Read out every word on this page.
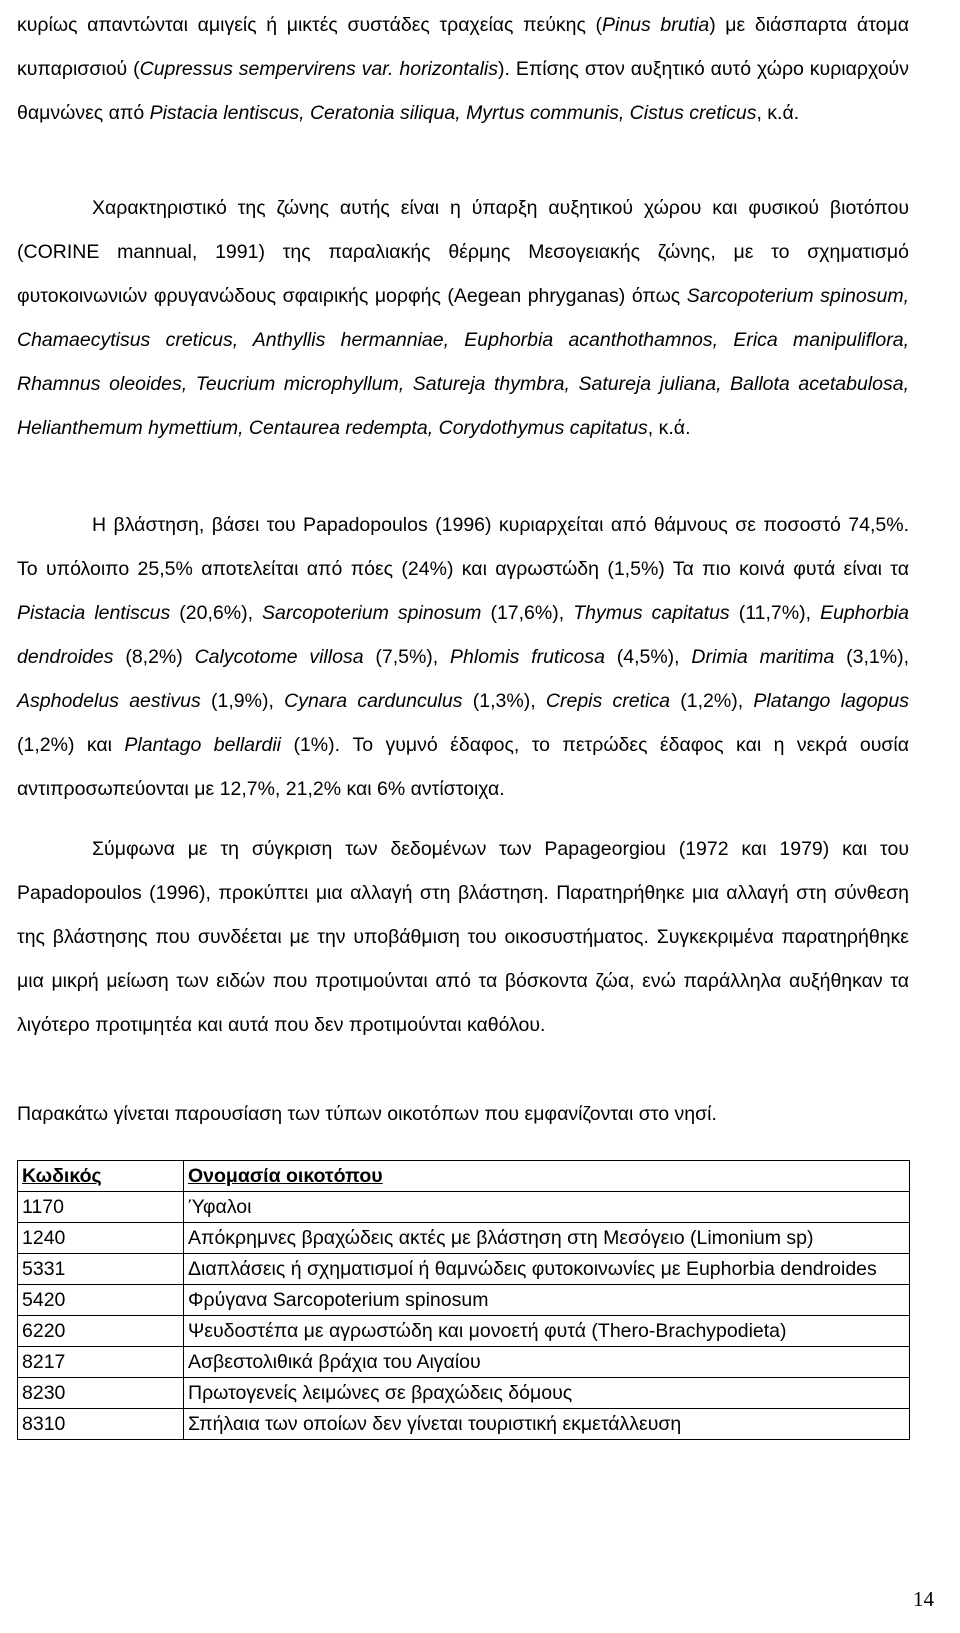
κυρίως απαντώνται αμιγείς ή μικτές συστάδες τραχείας πεύκης (Pinus brutia) με διάσπαρτα άτομα κυπαρισσιού (Cupressus sempervirens var. horizontalis). Επίσης στον αυξητικό αυτό χώρο κυριαρχούν θαμνώνες από Pistacia lentiscus, Ceratonia siliqua, Myrtus communis, Cistus creticus, κ.ά.

Χαρακτηριστικό της ζώνης αυτής είναι η ύπαρξη αυξητικού χώρου και φυσικού βιοτόπου (CORINE mannual, 1991) της παραλιακής θέρμης Μεσογειακής ζώνης, με το σχηματισμό φυτοκοινωνιών φρυγανώδους σφαιρικής μορφής (Aegean phryganas) όπως Sarcopoterium spinosum, Chamaecytisus creticus, Anthyllis hermanniae, Euphorbia acanthothamnos, Erica manipuliflora, Rhamnus oleoides, Teucrium microphyllum, Satureja thymbra, Satureja juliana, Ballota acetabulosa, Helianthemum hymettium, Centaurea redempta, Corydothymus capitatus, κ.ά.

Η βλάστηση, βάσει του Papadopoulos (1996) κυριαρχείται από θάμνους σε ποσοστό 74,5%. Το υπόλοιπο 25,5% αποτελείται από πόες (24%) και αγρωστώδη (1,5%) Τα πιο κοινά φυτά είναι τα Pistacia lentiscus (20,6%), Sarcopoterium spinosum (17,6%), Thymus capitatus (11,7%), Euphorbia dendroides (8,2%) Calycotome villosa (7,5%), Phlomis fruticosa (4,5%), Drimia maritima (3,1%), Asphodelus aestivus (1,9%), Cynara cardunculus (1,3%), Crepis cretica (1,2%), Platango lagopus (1,2%) και Plantago bellardii (1%). Το γυμνό έδαφος, το πετρώδες έδαφος και η νεκρά ουσία αντιπροσωπεύονται με 12,7%, 21,2% και 6% αντίστοιχα.

Σύμφωνα με τη σύγκριση των δεδομένων των Papageorgiou (1972 και 1979) και του Papadopoulos (1996), προκύπτει μια αλλαγή στη βλάστηση. Παρατηρήθηκε μια αλλαγή στη σύνθεση της βλάστησης που συνδέεται με την υποβάθμιση του οικοσυστήματος. Συγκεκριμένα παρατηρήθηκε μια μικρή μείωση των ειδών που προτιμούνται από τα βόσκοντα ζώα, ενώ παράλληλα αυξήθηκαν τα λιγότερο προτιμητέα και αυτά που δεν προτιμούνται καθόλου.

Παρακάτω γίνεται παρουσίαση των τύπων οικοτόπων που εμφανίζονται στο νησί.

Κωδικός	Ονομασία οικοτόπου
1170	Ύφαλοι
1240	Απόκρημνες βραχώδεις ακτές με βλάστηση στη Μεσόγειο (Limonium sp)
5331	Διαπλάσεις ή σχηματισμοί ή θαμνώδεις φυτοκοινωνίες με Euphorbia dendroides
5420	Φρύγανα Sarcopoterium spinosum
6220	Ψευδοστέπα με αγρωστώδη και μονοετή φυτά (Thero-Brachypodieta)
8217	Ασβεστολιθικά βράχια του Αιγαίου
8230	Πρωτογενείς λειμώνες σε βραχώδεις δόμους
8310	Σπήλαια των οποίων δεν γίνεται τουριστική εκμετάλλευση
14
